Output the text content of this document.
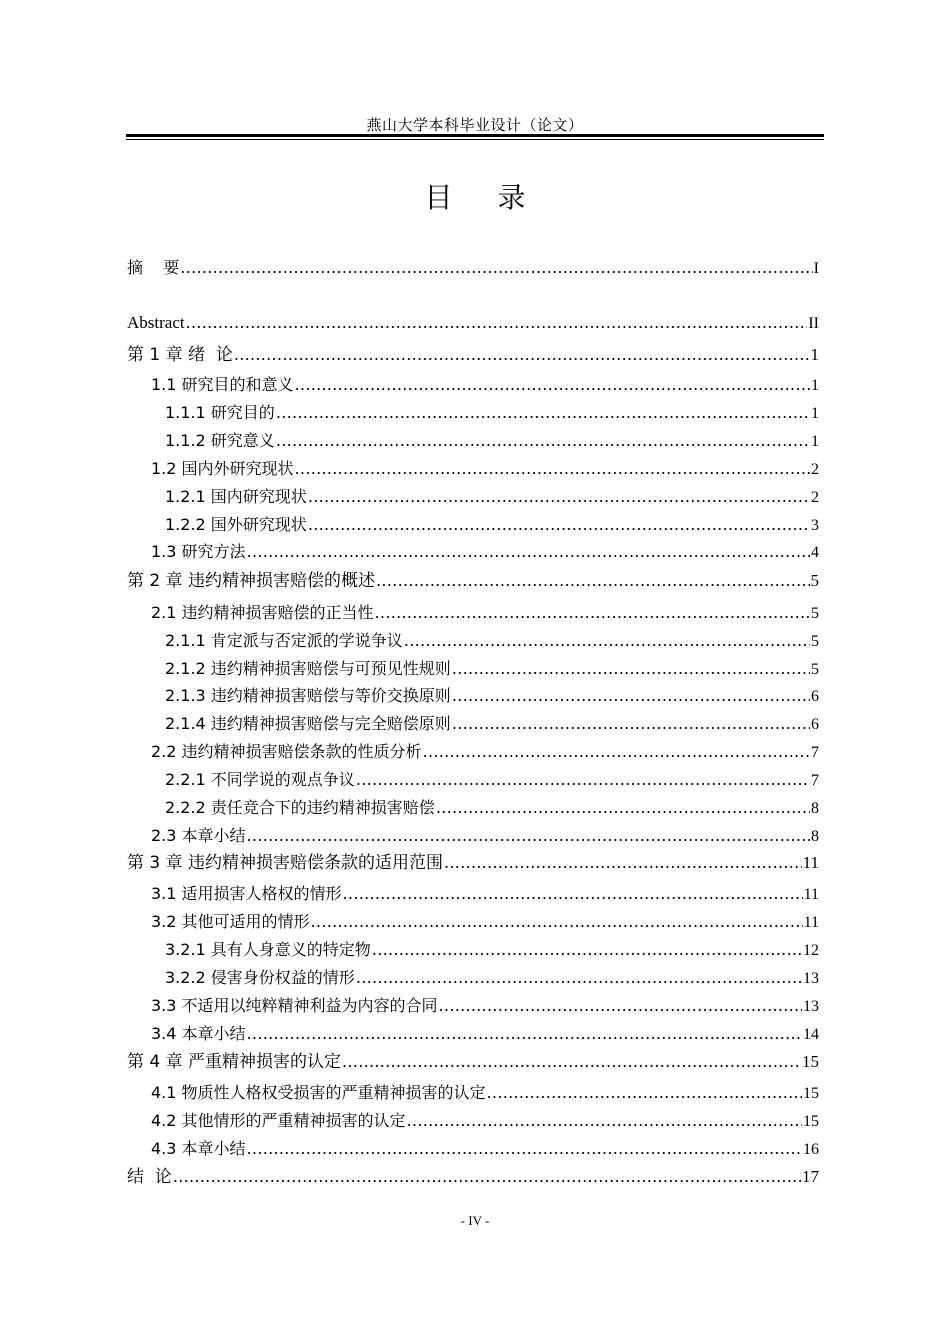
燕山大学本科毕业设计（论文）
目 录
摘    要 .....	I
Abstract .....	II
第 1 章 绪  论 .....	1
1.1 研究目的和意义 .....	1
1.1.1 研究目的 .....	1
1.1.2 研究意义 .....	1
1.2 国内外研究现状 .....	2
1.2.1 国内研究现状 .....	2
1.2.2 国外研究现状 .....	3
1.3 研究方法 .....	4
第 2 章 违约精神损害赔偿的概述 .....	5
2.1 违约精神损害赔偿的正当性 .....	5
2.1.1 肯定派与否定派的学说争议 .....	5
2.1.2 违约精神损害赔偿与可预见性规则 .....	5
2.1.3 违约精神损害赔偿与等价交换原则 .....	6
2.1.4 违约精神损害赔偿与完全赔偿原则 .....	6
2.2 违约精神损害赔偿条款的性质分析 .....	7
2.2.1 不同学说的观点争议 .....	7
2.2.2 责任竞合下的违约精神损害赔偿 .....	8
2.3 本章小结 .....	8
第 3 章 违约精神损害赔偿条款的适用范围 .....	11
3.1 适用损害人格权的情形 .....	11
3.2 其他可适用的情形 .....	11
3.2.1 具有人身意义的特定物 .....	12
3.2.2 侵害身份权益的情形 .....	13
3.3 不适用以纯粹精神利益为内容的合同 .....	13
3.4 本章小结 .....	14
第 4 章 严重精神损害的认定 .....	15
4.1 物质性人格权受损害的严重精神损害的认定 .....	15
4.2 其他情形的严重精神损害的认定 .....	15
4.3 本章小结 .....	16
结  论 .....	17
- IV -
